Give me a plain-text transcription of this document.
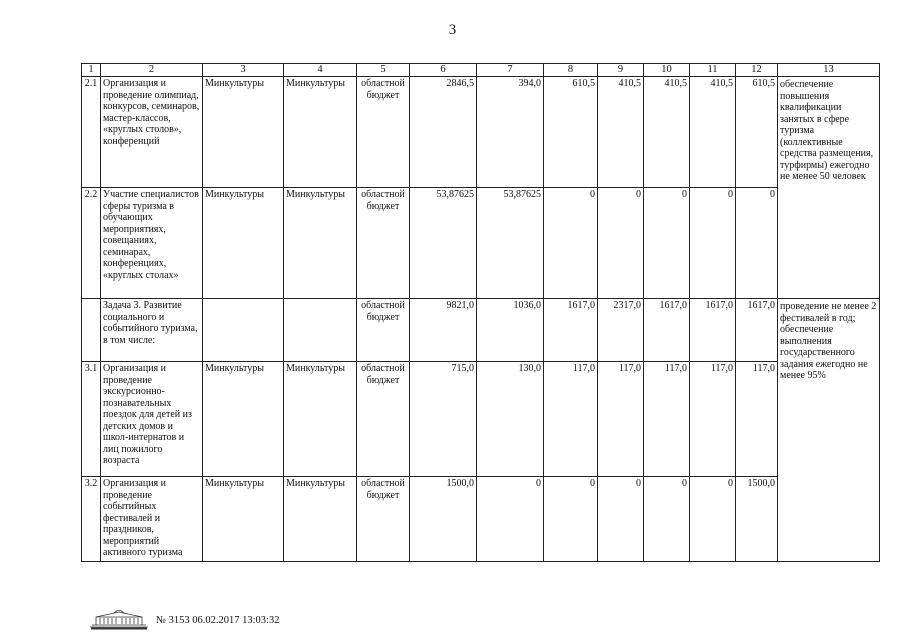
3
1	2	3	4	5	6	7	8	9	10	11	12	13
2.1	Организация и проведение олимпиад, конкурсов, семинаров, мастер-классов, «круглых столов», конференций	Минкультуры	Минкультуры	областной бюджет	2846,5	394,0	610,5	410,5	410,5	410,5	610,5	обеспечение повышения квалификации занятых в сфере туризма (коллективные средства размещения, турфирмы) ежегодно не менее 50 человек
2.2	Участие специалистов сферы туризма в обучающих мероприятиях, совещаниях, семинарах, конференциях, «круглых столах»	Минкультуры	Минкультуры	областной бюджет	53,87625	53,87625	0	0	0	0	0	
	Задача 3. Развитие социального и событийного туризма, в том числе:			областной бюджет	9821,0	1036,0	1617,0	2317,0	1617,0	1617,0	1617,0	проведение не менее 2 фестивалей в год; обеспечение выполнения государственного задания ежегодно не менее 95%
3.1	Организация и проведение экскурсионно-познавательных поездок для детей из детских домов и школ-интернатов и лиц пожилого возраста	Минкультуры	Минкультуры	областной бюджет	715,0	130,0	117,0	117,0	117,0	117,0	117,0	
3.2	Организация и проведение событийных фестивалей и праздников, мероприятий активного туризма	Минкультуры	Минкультуры	областной бюджет	1500,0	0	0	0	0	0	1500,0	
№ 3153 06.02.2017 13:03:32
